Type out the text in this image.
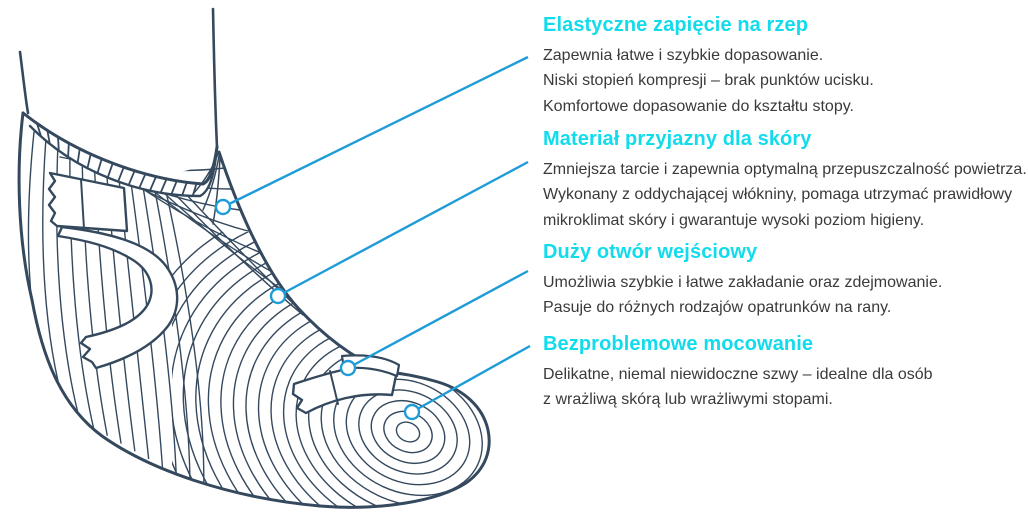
Elastyczne zapięcie na rzep

Zapewnia łatwe i szybkie dopasowanie.

Niski stopień kompresji – brak punktów ucisku.

Komfortowe dopasowanie do kształtu stopy.

Materiał przyjazny dla skóry

Zmniejsza tarcie i zapewnia optymalną przepuszczalność powietrza.

Wykonany z oddychającej włókniny, pomaga utrzymać prawidłowy

mikroklimat skóry i gwarantuje wysoki poziom higieny.

Duży otwór wejściowy

Umożliwia szybkie i łatwe zakładanie oraz zdejmowanie.

Pasuje do różnych rodzajów opatrunków na rany.

Bezproblemowe mocowanie

Delikatne, niemal niewidoczne szwy – idealne dla osób

z wrażliwą skórą lub wrażliwymi stopami.
